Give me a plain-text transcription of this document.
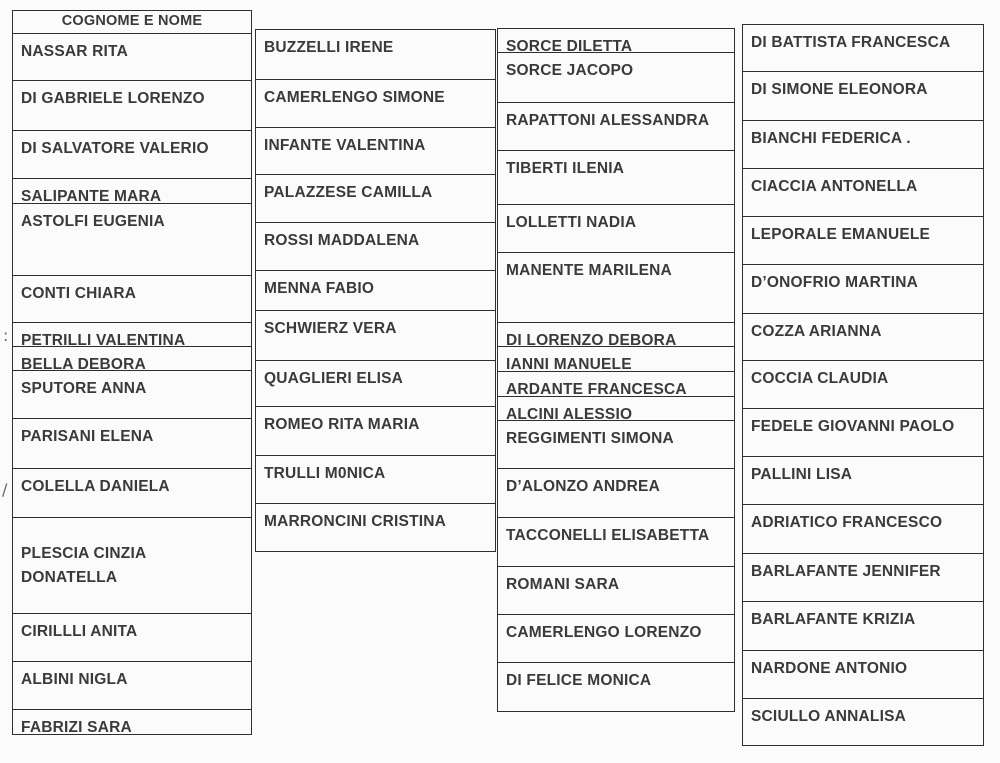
:
/
COGNOME E NOME
NASSAR RITA
DI GABRIELE LORENZO
DI SALVATORE VALERIO
SALIPANTE MARA
ASTOLFI EUGENIA
CONTI CHIARA
PETRILLI VALENTINA
BELLA DEBORA
SPUTORE ANNA
PARISANI ELENA
COLELLA DANIELA
PLESCIA CINZIA DONATELLA
CIRILLLI ANITA
ALBINI NIGLA
FABRIZI SARA
BUZZELLI IRENE
CAMERLENGO SIMONE
INFANTE VALENTINA
PALAZZESE CAMILLA
ROSSI MADDALENA
MENNA FABIO
SCHWIERZ VERA
QUAGLIERI ELISA
ROMEO RITA MARIA
TRULLI M0NICA
MARRONCINI CRISTINA
SORCE DILETTA
SORCE JACOPO
RAPATTONI ALESSANDRA
TIBERTI ILENIA
LOLLETTI NADIA
MANENTE MARILENA
DI LORENZO DEBORA
IANNI MANUELE
ARDANTE FRANCESCA
ALCINI ALESSIO
REGGIMENTI SIMONA
D’ALONZO ANDREA
TACCONELLI ELISABETTA
ROMANI SARA
CAMERLENGO LORENZO
DI FELICE MONICA
DI BATTISTA FRANCESCA
DI SIMONE ELEONORA
BIANCHI FEDERICA .
CIACCIA ANTONELLA
LEPORALE EMANUELE
D’ONOFRIO MARTINA
COZZA ARIANNA
COCCIA CLAUDIA
FEDELE GIOVANNI PAOLO
PALLINI LISA
ADRIATICO FRANCESCO
BARLAFANTE JENNIFER
BARLAFANTE KRIZIA
NARDONE ANTONIO
SCIULLO ANNALISA
